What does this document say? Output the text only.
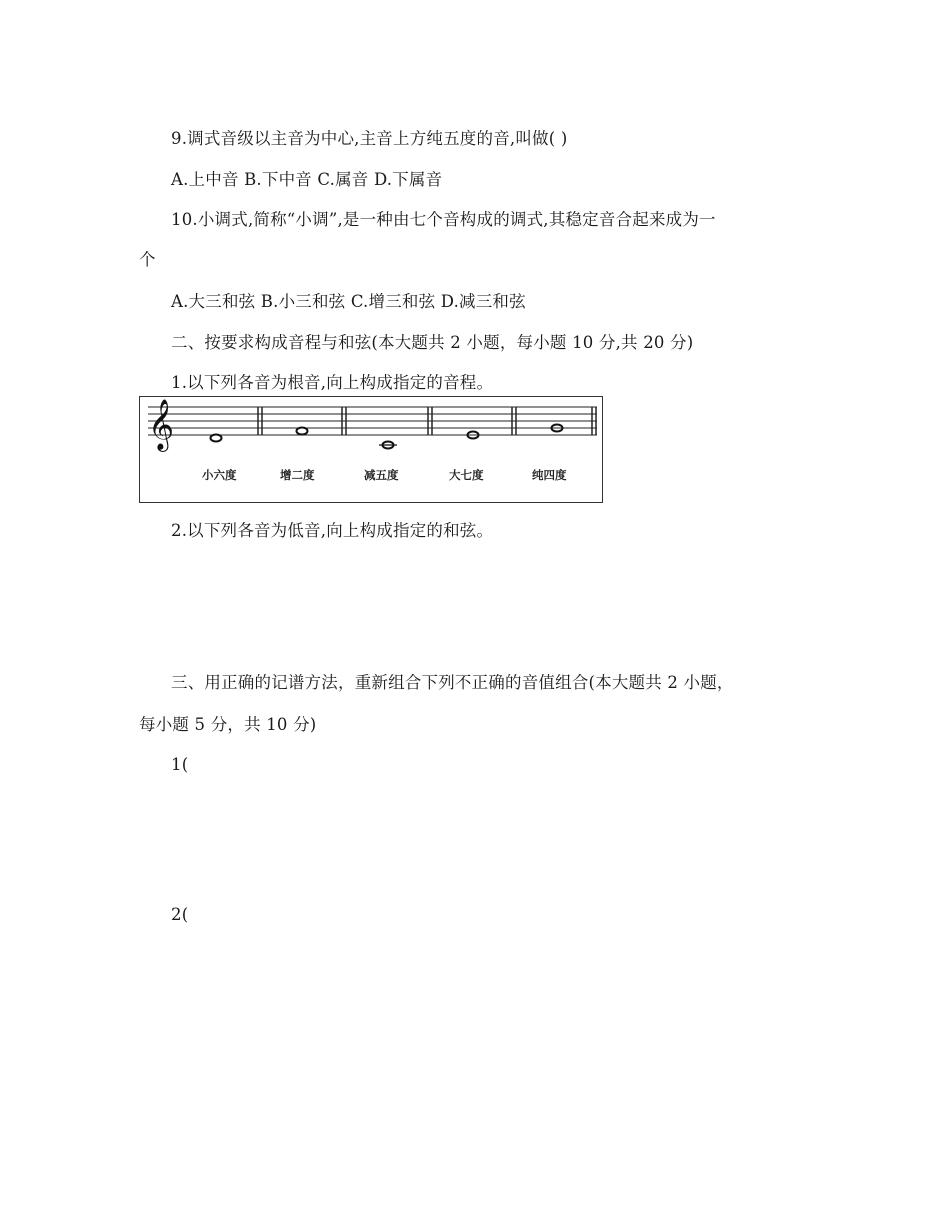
9.调式音级以主音为中心,主音上方纯五度的音,叫做( )
A.上中音 B.下中音 C.属音 D.下属音
10.小调式,简称“小调”,是一种由七个音构成的调式,其稳定音合起来成为一
个
A.大三和弦 B.小三和弦 C.增三和弦 D.减三和弦
二、按要求构成音程与和弦(本大题共 2 小题，每小题 10 分,共 20 分)
1.以下列各音为根音,向上构成指定的音程。
𝄞
小六度	增二度	减五度	大七度	纯四度
2.以下列各音为低音,向上构成指定的和弦。
三、用正确的记谱方法，重新组合下列不正确的音值组合(本大题共 2 小题，
每小题 5 分，共 10 分)
1(
2(
